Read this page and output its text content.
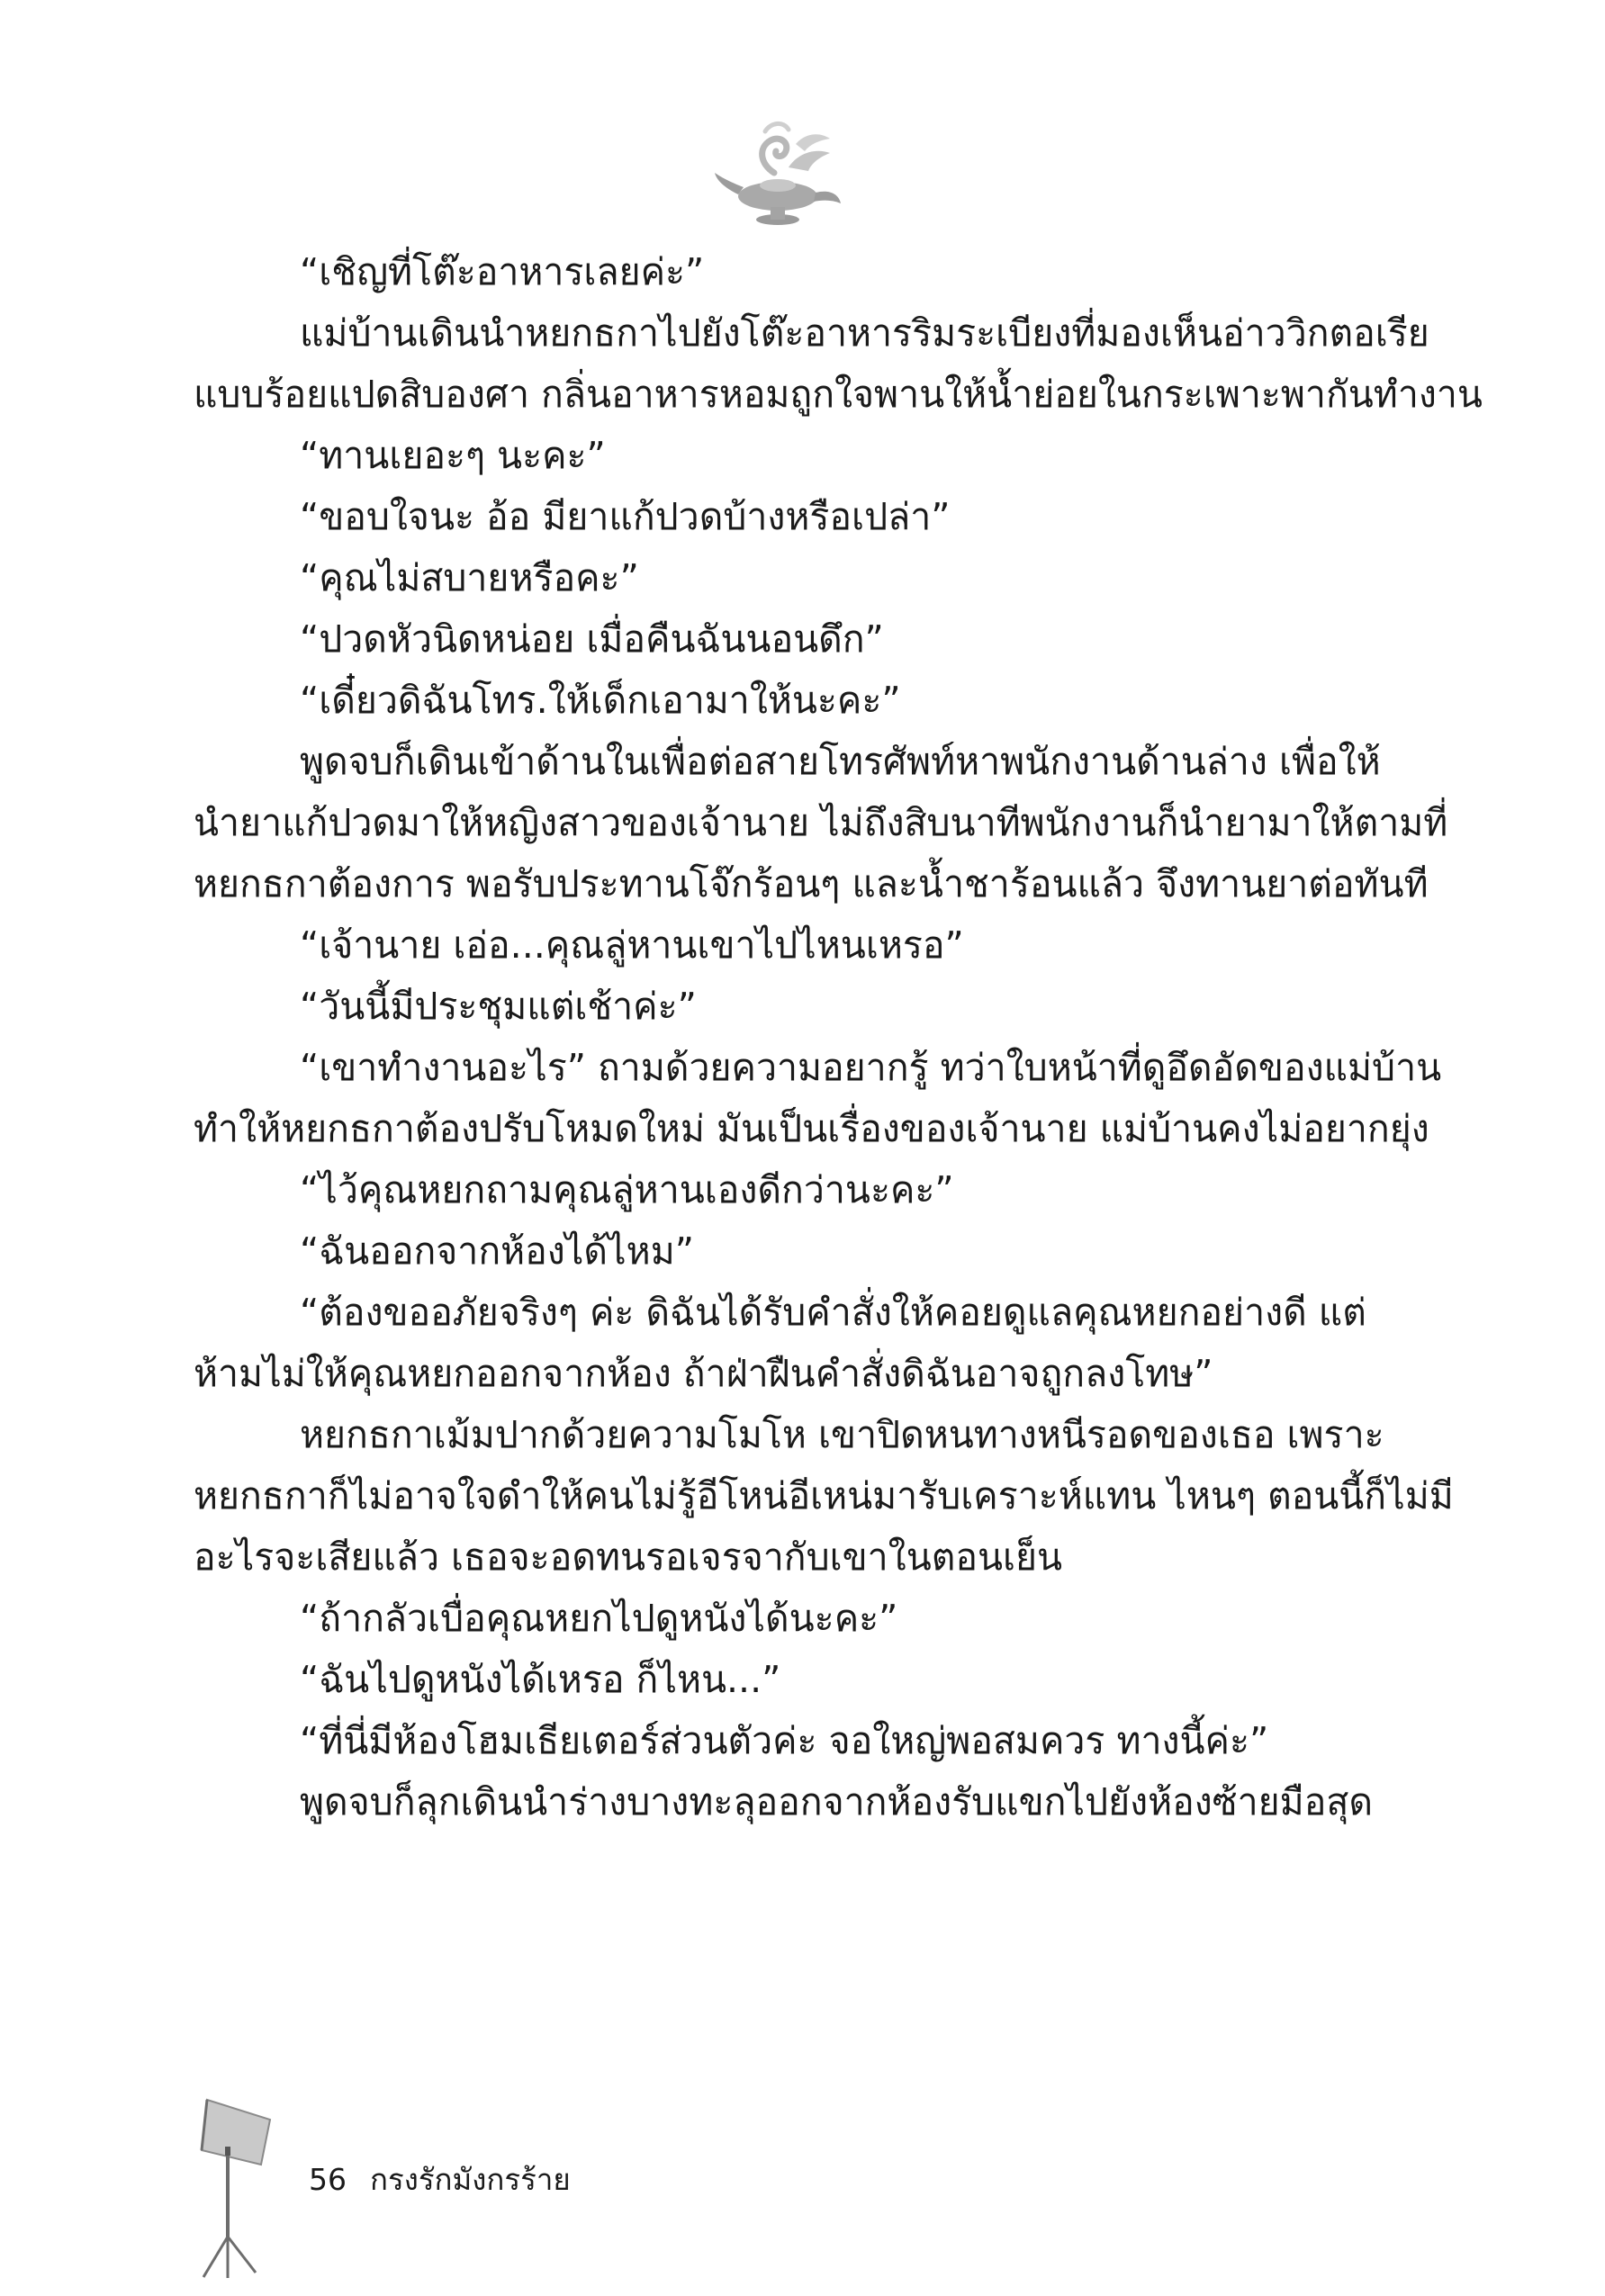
“เชิญที่โต๊ะอาหารเลยค่ะ”

แม่บ้านเดินนำหยกธกาไปยังโต๊ะอาหารริมระเบียงที่มองเห็นอ่าววิกตอเรีย

แบบร้อยแปดสิบองศา กลิ่นอาหารหอมถูกใจพานให้น้ำย่อยในกระเพาะพากันทำงาน

“ทานเยอะๆ นะคะ”

“ขอบใจนะ อ้อ มียาแก้ปวดบ้างหรือเปล่า”

“คุณไม่สบายหรือคะ”

“ปวดหัวนิดหน่อย เมื่อคืนฉันนอนดึก”

“เดี๋ยวดิฉันโทร.ให้เด็กเอามาให้นะคะ”

พูดจบก็เดินเข้าด้านในเพื่อต่อสายโทรศัพท์หาพนักงานด้านล่าง เพื่อให้

นำยาแก้ปวดมาให้หญิงสาวของเจ้านาย ไม่ถึงสิบนาทีพนักงานก็นำยามาให้ตามที่

หยกธกาต้องการ พอรับประทานโจ๊กร้อนๆ และน้ำชาร้อนแล้ว จึงทานยาต่อทันที

“เจ้านาย เอ่อ...คุณลู่หานเขาไปไหนเหรอ”

“วันนี้มีประชุมแต่เช้าค่ะ”

“เขาทำงานอะไร” ถามด้วยความอยากรู้ ทว่าใบหน้าที่ดูอึดอัดของแม่บ้าน

ทำให้หยกธกาต้องปรับโหมดใหม่ มันเป็นเรื่องของเจ้านาย แม่บ้านคงไม่อยากยุ่ง

“ไว้คุณหยกถามคุณลู่หานเองดีกว่านะคะ”

“ฉันออกจากห้องได้ไหม”

“ต้องขออภัยจริงๆ ค่ะ ดิฉันได้รับคำสั่งให้คอยดูแลคุณหยกอย่างดี แต่

ห้ามไม่ให้คุณหยกออกจากห้อง ถ้าฝ่าฝืนคำสั่งดิฉันอาจถูกลงโทษ”

หยกธกาเม้มปากด้วยความโมโห เขาปิดหนทางหนีรอดของเธอ เพราะ

หยกธกาก็ไม่อาจใจดำให้คนไม่รู้อีโหน่อีเหน่มารับเคราะห์แทน ไหนๆ ตอนนี้ก็ไม่มี

อะไรจะเสียแล้ว เธอจะอดทนรอเจรจากับเขาในตอนเย็น

“ถ้ากลัวเบื่อคุณหยกไปดูหนังได้นะคะ”

“ฉันไปดูหนังได้เหรอ ก็ไหน...”

“ที่นี่มีห้องโฮมเธียเตอร์ส่วนตัวค่ะ จอใหญ่พอสมควร ทางนี้ค่ะ”

พูดจบก็ลุกเดินนำร่างบางทะลุออกจากห้องรับแขกไปยังห้องซ้ายมือสุด

56 กรงรักมังกรร้าย
